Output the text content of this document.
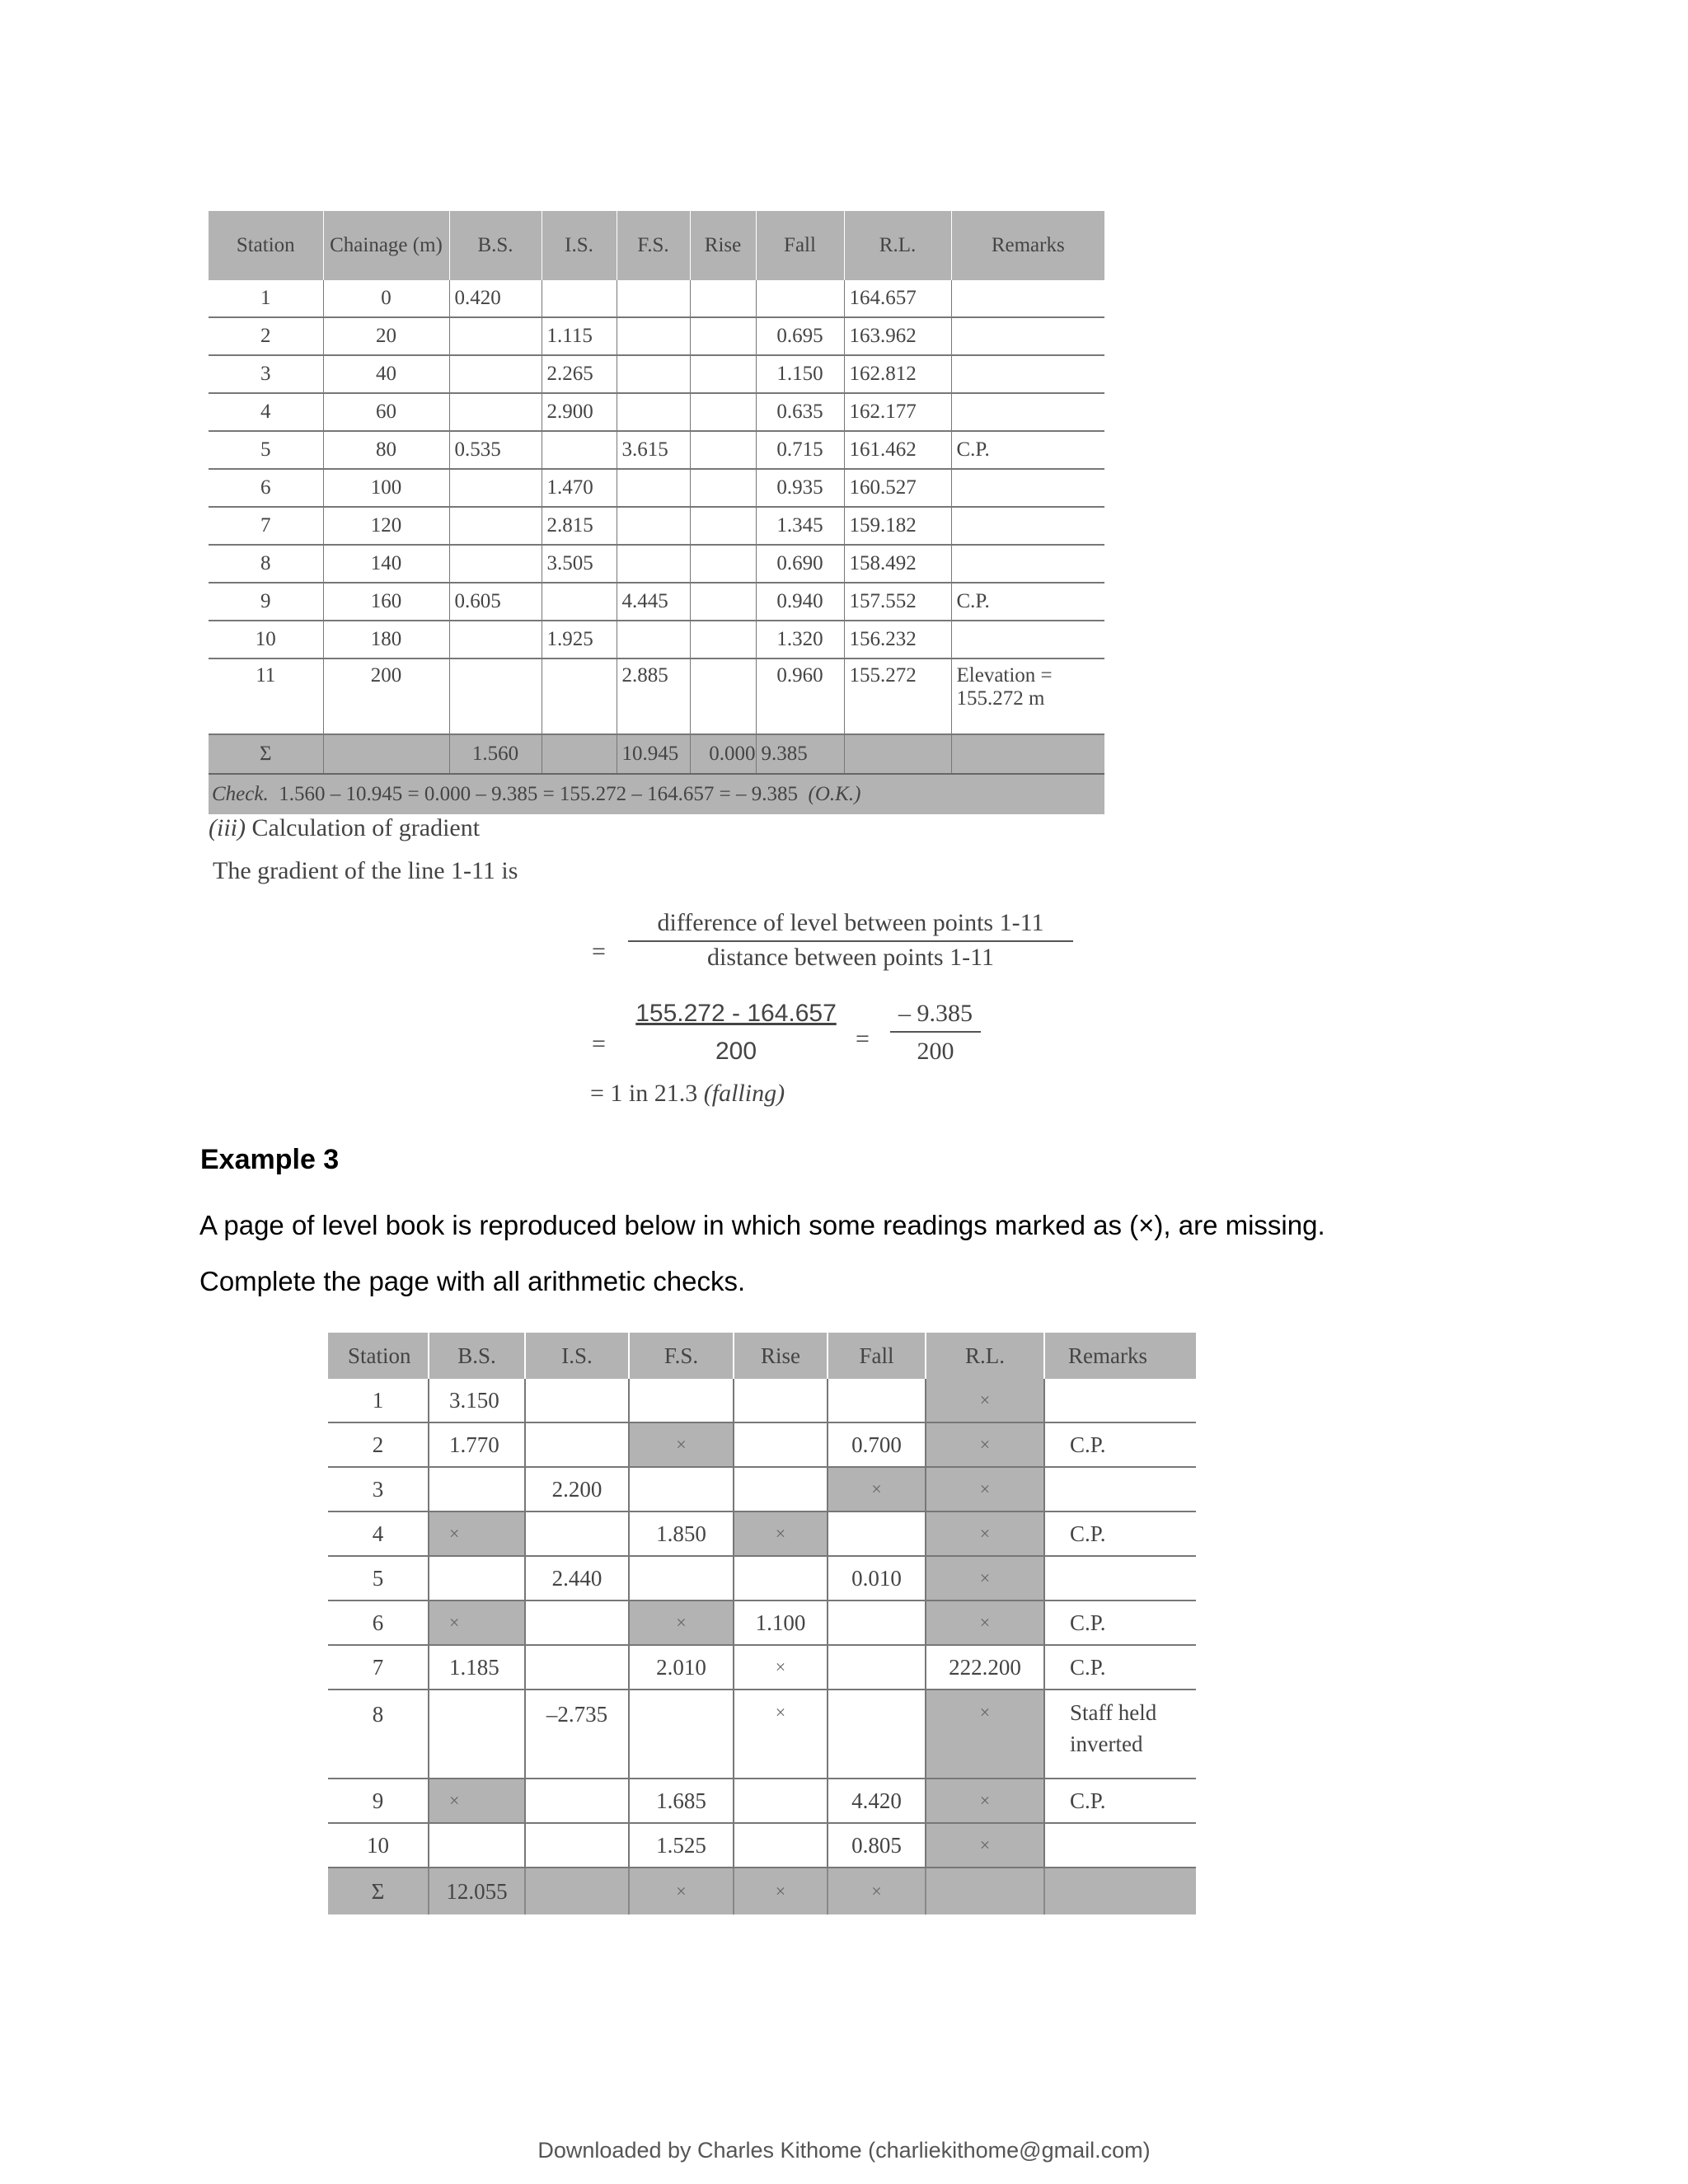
Station	Chainage (m)	B.S.	I.S.	F.S.	Rise	Fall	R.L.	Remarks
1	0	0.420					164.657	
2	20		1.115			0.695	163.962	
3	40		2.265			1.150	162.812	
4	60		2.900			0.635	162.177	
5	80	0.535		3.615		0.715	161.462	C.P.
6	100		1.470			0.935	160.527	
7	120		2.815			1.345	159.182	
8	140		3.505			0.690	158.492	
9	160	0.605		4.445		0.940	157.552	C.P.
10	180		1.925			1.320	156.232	
11	200			2.885		0.960	155.272	Elevation = 155.272 m
Σ		1.560		10.945	0.000	9.385		
Check. 1.560 – 10.945 = 0.000 – 9.385 = 155.272 – 164.657 = – 9.385 (O.K.)								
(iii) Calculation of gradient
The gradient of the line 1-11 is
=
difference of level between points 1-11
distance between points 1-11
= $\frac{155.272 - 164.657}{200} = \frac{- 9.385}{200}$
= 1 in 21.3 (falling)
Example 3
A page of level book is reproduced below in which some readings marked as (×), are missing.
Complete the page with all arithmetic checks.
Station	B.S.	I.S.	F.S.	Rise	Fall	R.L.	Remarks
1	3.150					×	
2	1.770		×		0.700	×	C.P.
3		2.200			×	×	
4	×		1.850	×		×	C.P.
5		2.440			0.010	×	
6	×		×	1.100		×	C.P.
7	1.185		2.010	×		222.200	C.P.
8		–2.735		×		×	Staff held inverted
9	×		1.685		4.420	×	C.P.
10			1.525		0.805	×	
Σ	12.055		×	×	×		
Downloaded by Charles Kithome (charliekithome@gmail.com)
